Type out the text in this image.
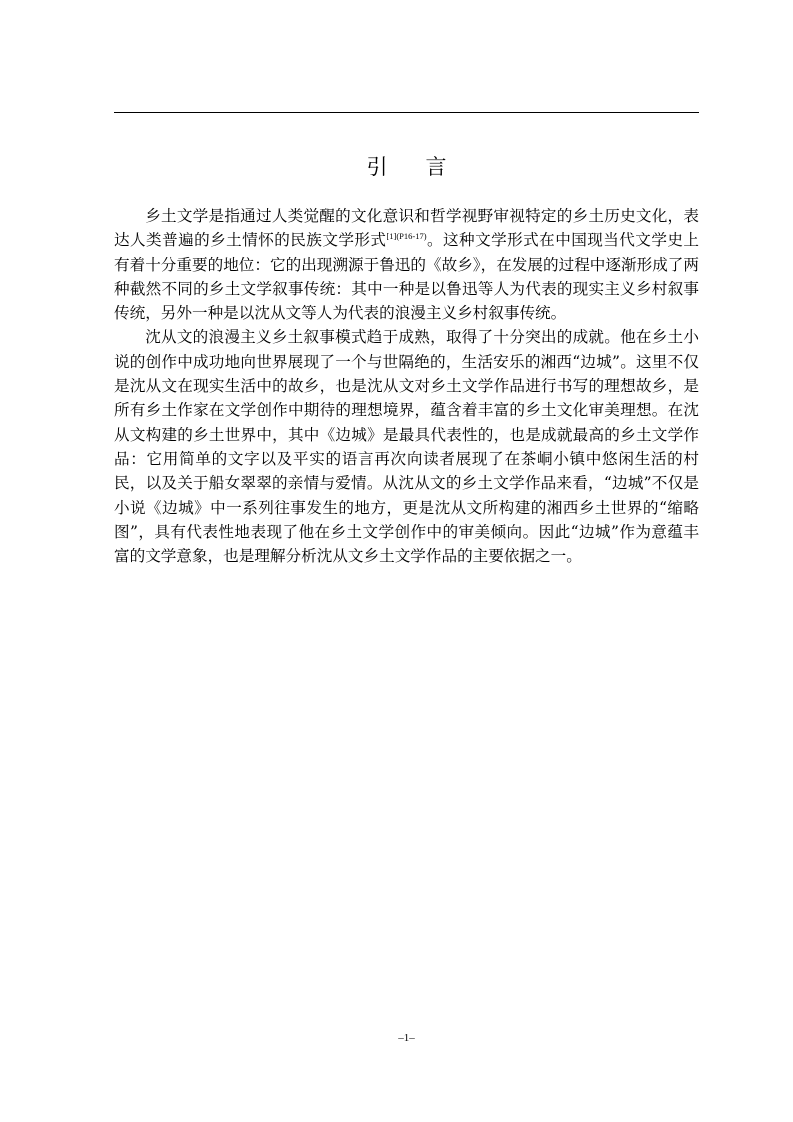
引言

乡土文学是指通过人类觉醒的文化意识和哲学视野审视特定的乡土历史文化，表达人类普遍的乡土情怀的民族文学形式$^{[1](P16-17)}$。这种文学形式在中国现当代文学史上有着十分重要的地位：它的出现溯源于鲁迅的《故乡》，在发展的过程中逐渐形成了两种截然不同的乡土文学叙事传统：其中一种是以鲁迅等人为代表的现实主义乡村叙事传统，另外一种是以沈从文等人为代表的浪漫主义乡村叙事传统。

沈从文的浪漫主义乡土叙事模式趋于成熟，取得了十分突出的成就。他在乡土小说的创作中成功地向世界展现了一个与世隔绝的，生活安乐的湘西“边城”。这里不仅是沈从文在现实生活中的故乡，也是沈从文对乡土文学作品进行书写的理想故乡，是所有乡土作家在文学创作中期待的理想境界，蕴含着丰富的乡土文化审美理想。在沈从文构建的乡土世界中，其中《边城》是最具代表性的，也是成就最高的乡土文学作品：它用简单的文字以及平实的语言再次向读者展现了在茶峒小镇中悠闲生活的村民，以及关于船女翠翠的亲情与爱情。从沈从文的乡土文学作品来看，“边城”不仅是小说《边城》中一系列往事发生的地方，更是沈从文所构建的湘西乡土世界的“缩略图”，具有代表性地表现了他在乡土文学创作中的审美倾向。因此“边城”作为意蕴丰富的文学意象，也是理解分析沈从文乡土文学作品的主要依据之一。

–1–
